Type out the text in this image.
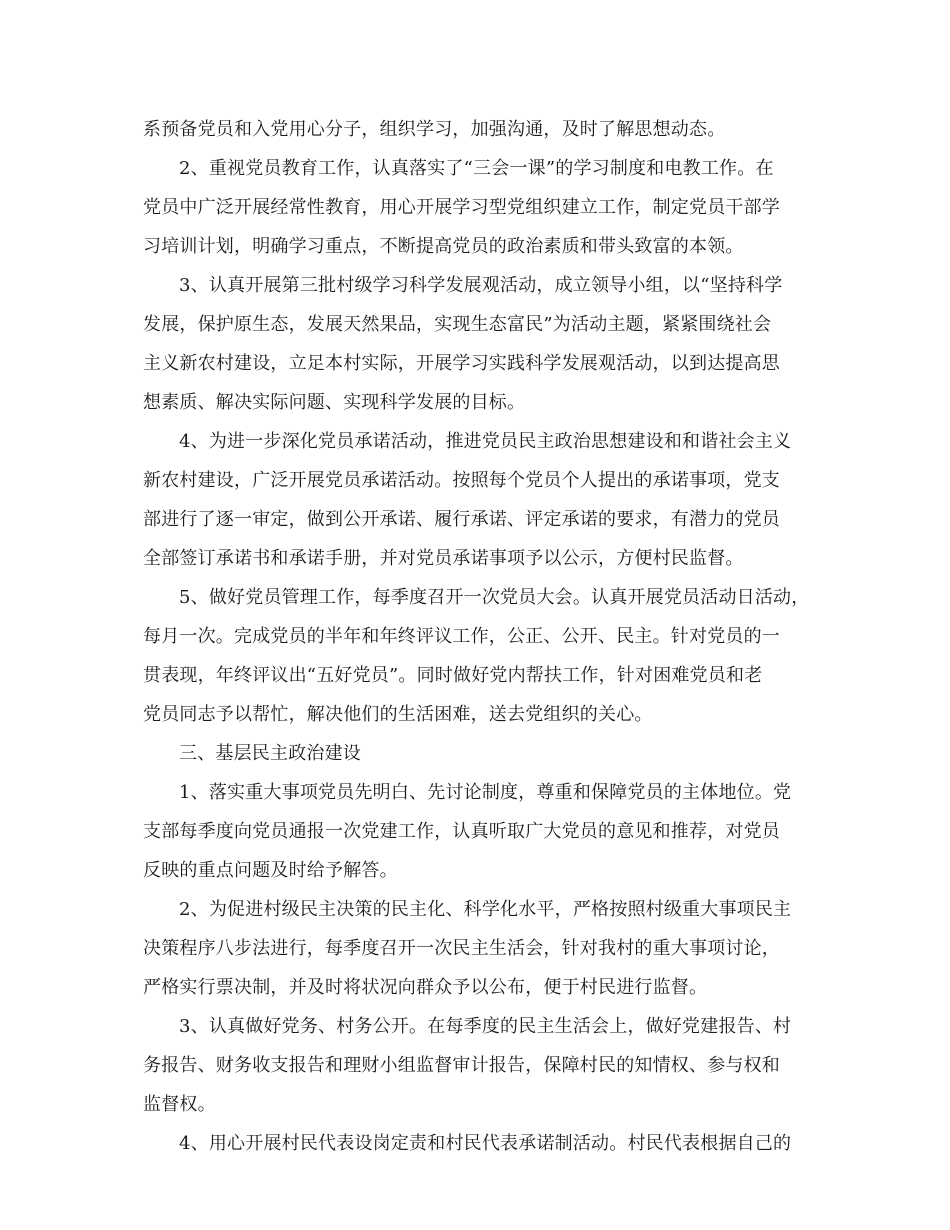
系预备党员和入党用心分子，组织学习，加强沟通，及时了解思想动态。
2、重视党员教育工作，认真落实了“三会一课”的学习制度和电教工作。在
党员中广泛开展经常性教育，用心开展学习型党组织建立工作，制定党员干部学
习培训计划，明确学习重点，不断提高党员的政治素质和带头致富的本领。
3、认真开展第三批村级学习科学发展观活动，成立领导小组，以“坚持科学
发展，保护原生态，发展天然果品，实现生态富民”为活动主题，紧紧围绕社会
主义新农村建设，立足本村实际，开展学习实践科学发展观活动，以到达提高思
想素质、解决实际问题、实现科学发展的目标。
4、为进一步深化党员承诺活动，推进党员民主政治思想建设和和谐社会主义
新农村建设，广泛开展党员承诺活动。按照每个党员个人提出的承诺事项，党支
部进行了逐一审定，做到公开承诺、履行承诺、评定承诺的要求，有潜力的党员
全部签订承诺书和承诺手册，并对党员承诺事项予以公示，方便村民监督。
5、做好党员管理工作，每季度召开一次党员大会。认真开展党员活动日活动，
每月一次。完成党员的半年和年终评议工作，公正、公开、民主。针对党员的一
贯表现，年终评议出“五好党员”。同时做好党内帮扶工作，针对困难党员和老
党员同志予以帮忙，解决他们的生活困难，送去党组织的关心。
三、基层民主政治建设
1、落实重大事项党员先明白、先讨论制度，尊重和保障党员的主体地位。党
支部每季度向党员通报一次党建工作，认真听取广大党员的意见和推荐，对党员
反映的重点问题及时给予解答。
2、为促进村级民主决策的民主化、科学化水平，严格按照村级重大事项民主
决策程序八步法进行，每季度召开一次民主生活会，针对我村的重大事项讨论，
严格实行票决制，并及时将状况向群众予以公布，便于村民进行监督。
3、认真做好党务、村务公开。在每季度的民主生活会上，做好党建报告、村
务报告、财务收支报告和理财小组监督审计报告，保障村民的知情权、参与权和
监督权。
4、用心开展村民代表设岗定责和村民代表承诺制活动。村民代表根据自己的
